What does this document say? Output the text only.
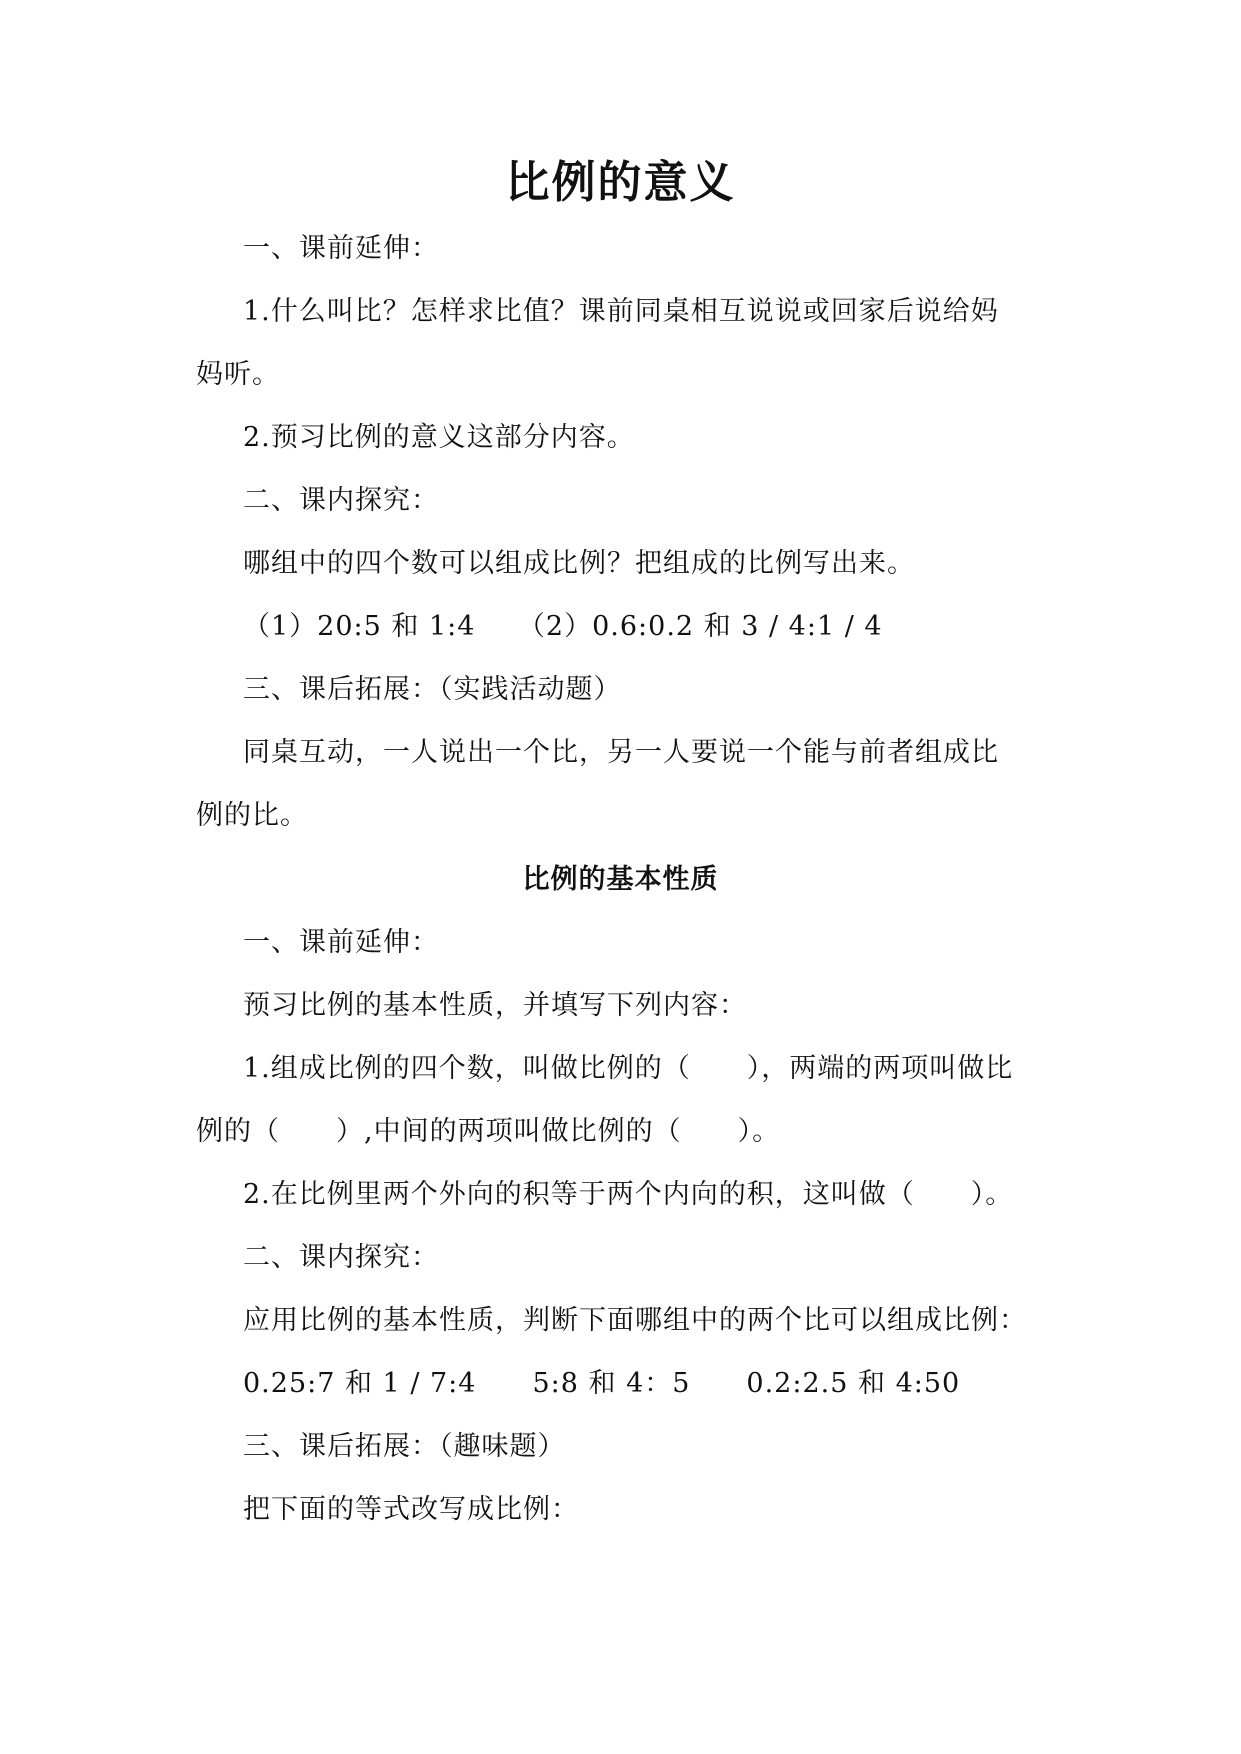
比例的意义
一、课前延伸：
1.什么叫比？怎样求比值？课前同桌相互说说或回家后说给妈
妈听。
2.预习比例的意义这部分内容。
二、课内探究：
哪组中的四个数可以组成比例？把组成的比例写出来。
（1）20:5 和 1:4　　（2）0.6:0.2 和 3 / 4:1 / 4
三、课后拓展：（实践活动题）
同桌互动，一人说出一个比，另一人要说一个能与前者组成比
例的比。
比例的基本性质
一、课前延伸：
预习比例的基本性质，并填写下列内容：
1.组成比例的四个数，叫做比例的（　　），两端的两项叫做比
例的（　　）,中间的两项叫做比例的（　　）。
2.在比例里两个外向的积等于两个内向的积，这叫做（　　）。
二、课内探究：
应用比例的基本性质，判断下面哪组中的两个比可以组成比例：
0.25:7 和 1 / 7:4　　5:8 和 4：5　　0.2:2.5 和 4:50
三、课后拓展：（趣味题）
把下面的等式改写成比例：
